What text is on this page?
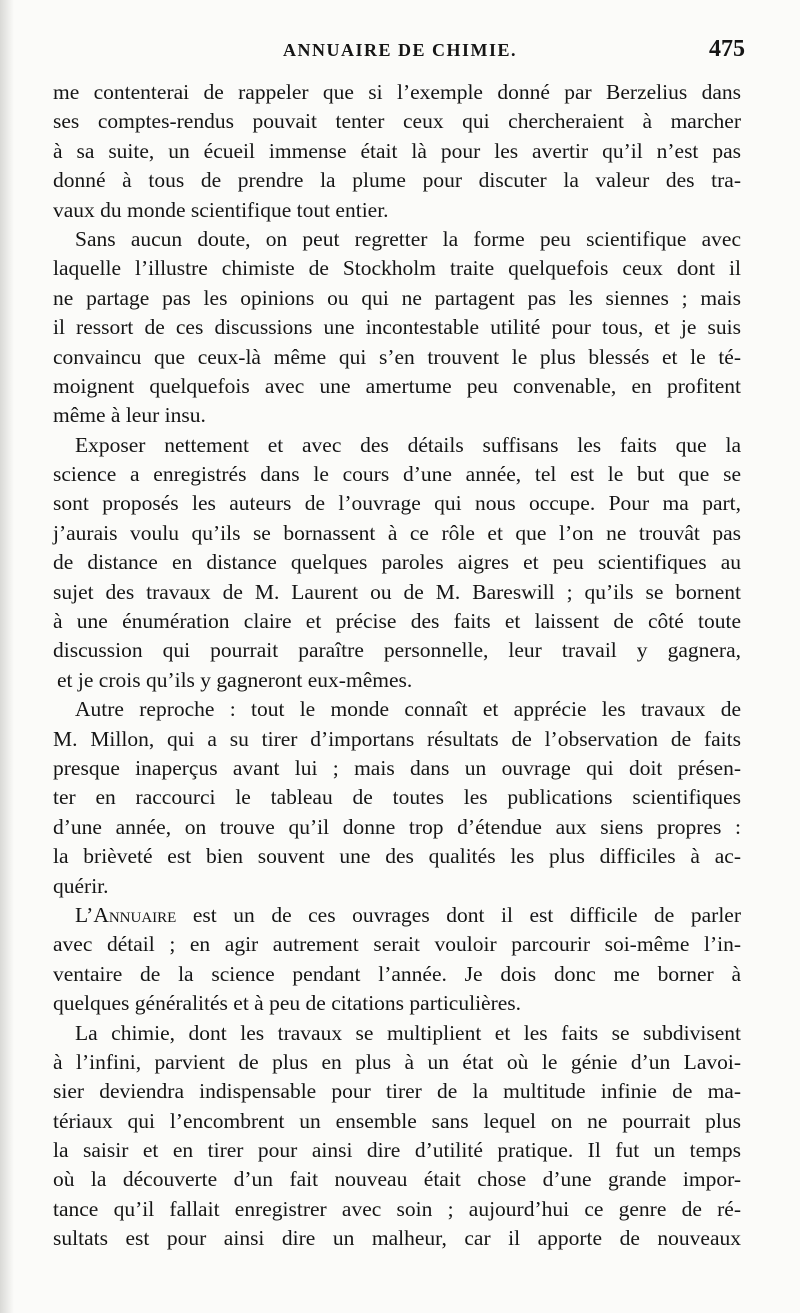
ANNUAIRE DE CHIMIE.	475
me contenterai de rappeler que si l’exemple donné par Berzelius dans
ses comptes-rendus pouvait tenter ceux qui chercheraient à marcher
à sa suite, un écueil immense était là pour les avertir qu’il n’est pas
donné à tous de prendre la plume pour discuter la valeur des tra-
vaux du monde scientifique tout entier.
Sans aucun doute, on peut regretter la forme peu scientifique avec
laquelle l’illustre chimiste de Stockholm traite quelquefois ceux dont il
ne partage pas les opinions ou qui ne partagent pas les siennes ; mais
il ressort de ces discussions une incontestable utilité pour tous, et je suis
convaincu que ceux-là même qui s’en trouvent le plus blessés et le té-
moignent quelquefois avec une amertume peu convenable, en profitent
même à leur insu.
Exposer nettement et avec des détails suffisans les faits que la
science a enregistrés dans le cours d’une année, tel est le but que se
sont proposés les auteurs de l’ouvrage qui nous occupe. Pour ma part,
j’aurais voulu qu’ils se bornassent à ce rôle et que l’on ne trouvât pas
de distance en distance quelques paroles aigres et peu scientifiques au
sujet des travaux de M. Laurent ou de M. Bareswill ; qu’ils se bornent
à une énumération claire et précise des faits et laissent de côté toute
discussion qui pourrait paraître personnelle, leur travail y gagnera,
et je crois qu’ils y gagneront eux-mêmes.
Autre reproche : tout le monde connaît et apprécie les travaux de
M. Millon, qui a su tirer d’importans résultats de l’observation de faits
presque inaperçus avant lui ; mais dans un ouvrage qui doit présen-
ter en raccourci le tableau de toutes les publications scientifiques
d’une année, on trouve qu’il donne trop d’étendue aux siens propres :
la brièveté est bien souvent une des qualités les plus difficiles à ac-
quérir.
L’Annuaire est un de ces ouvrages dont il est difficile de parler
avec détail ; en agir autrement serait vouloir parcourir soi-même l’in-
ventaire de la science pendant l’année. Je dois donc me borner à
quelques généralités et à peu de citations particulières.
La chimie, dont les travaux se multiplient et les faits se subdivisent
à l’infini, parvient de plus en plus à un état où le génie d’un Lavoi-
sier deviendra indispensable pour tirer de la multitude infinie de ma-
tériaux qui l’encombrent un ensemble sans lequel on ne pourrait plus
la saisir et en tirer pour ainsi dire d’utilité pratique. Il fut un temps
où la découverte d’un fait nouveau était chose d’une grande impor-
tance qu’il fallait enregistrer avec soin ; aujourd’hui ce genre de ré-
sultats est pour ainsi dire un malheur, car il apporte de nouveaux
